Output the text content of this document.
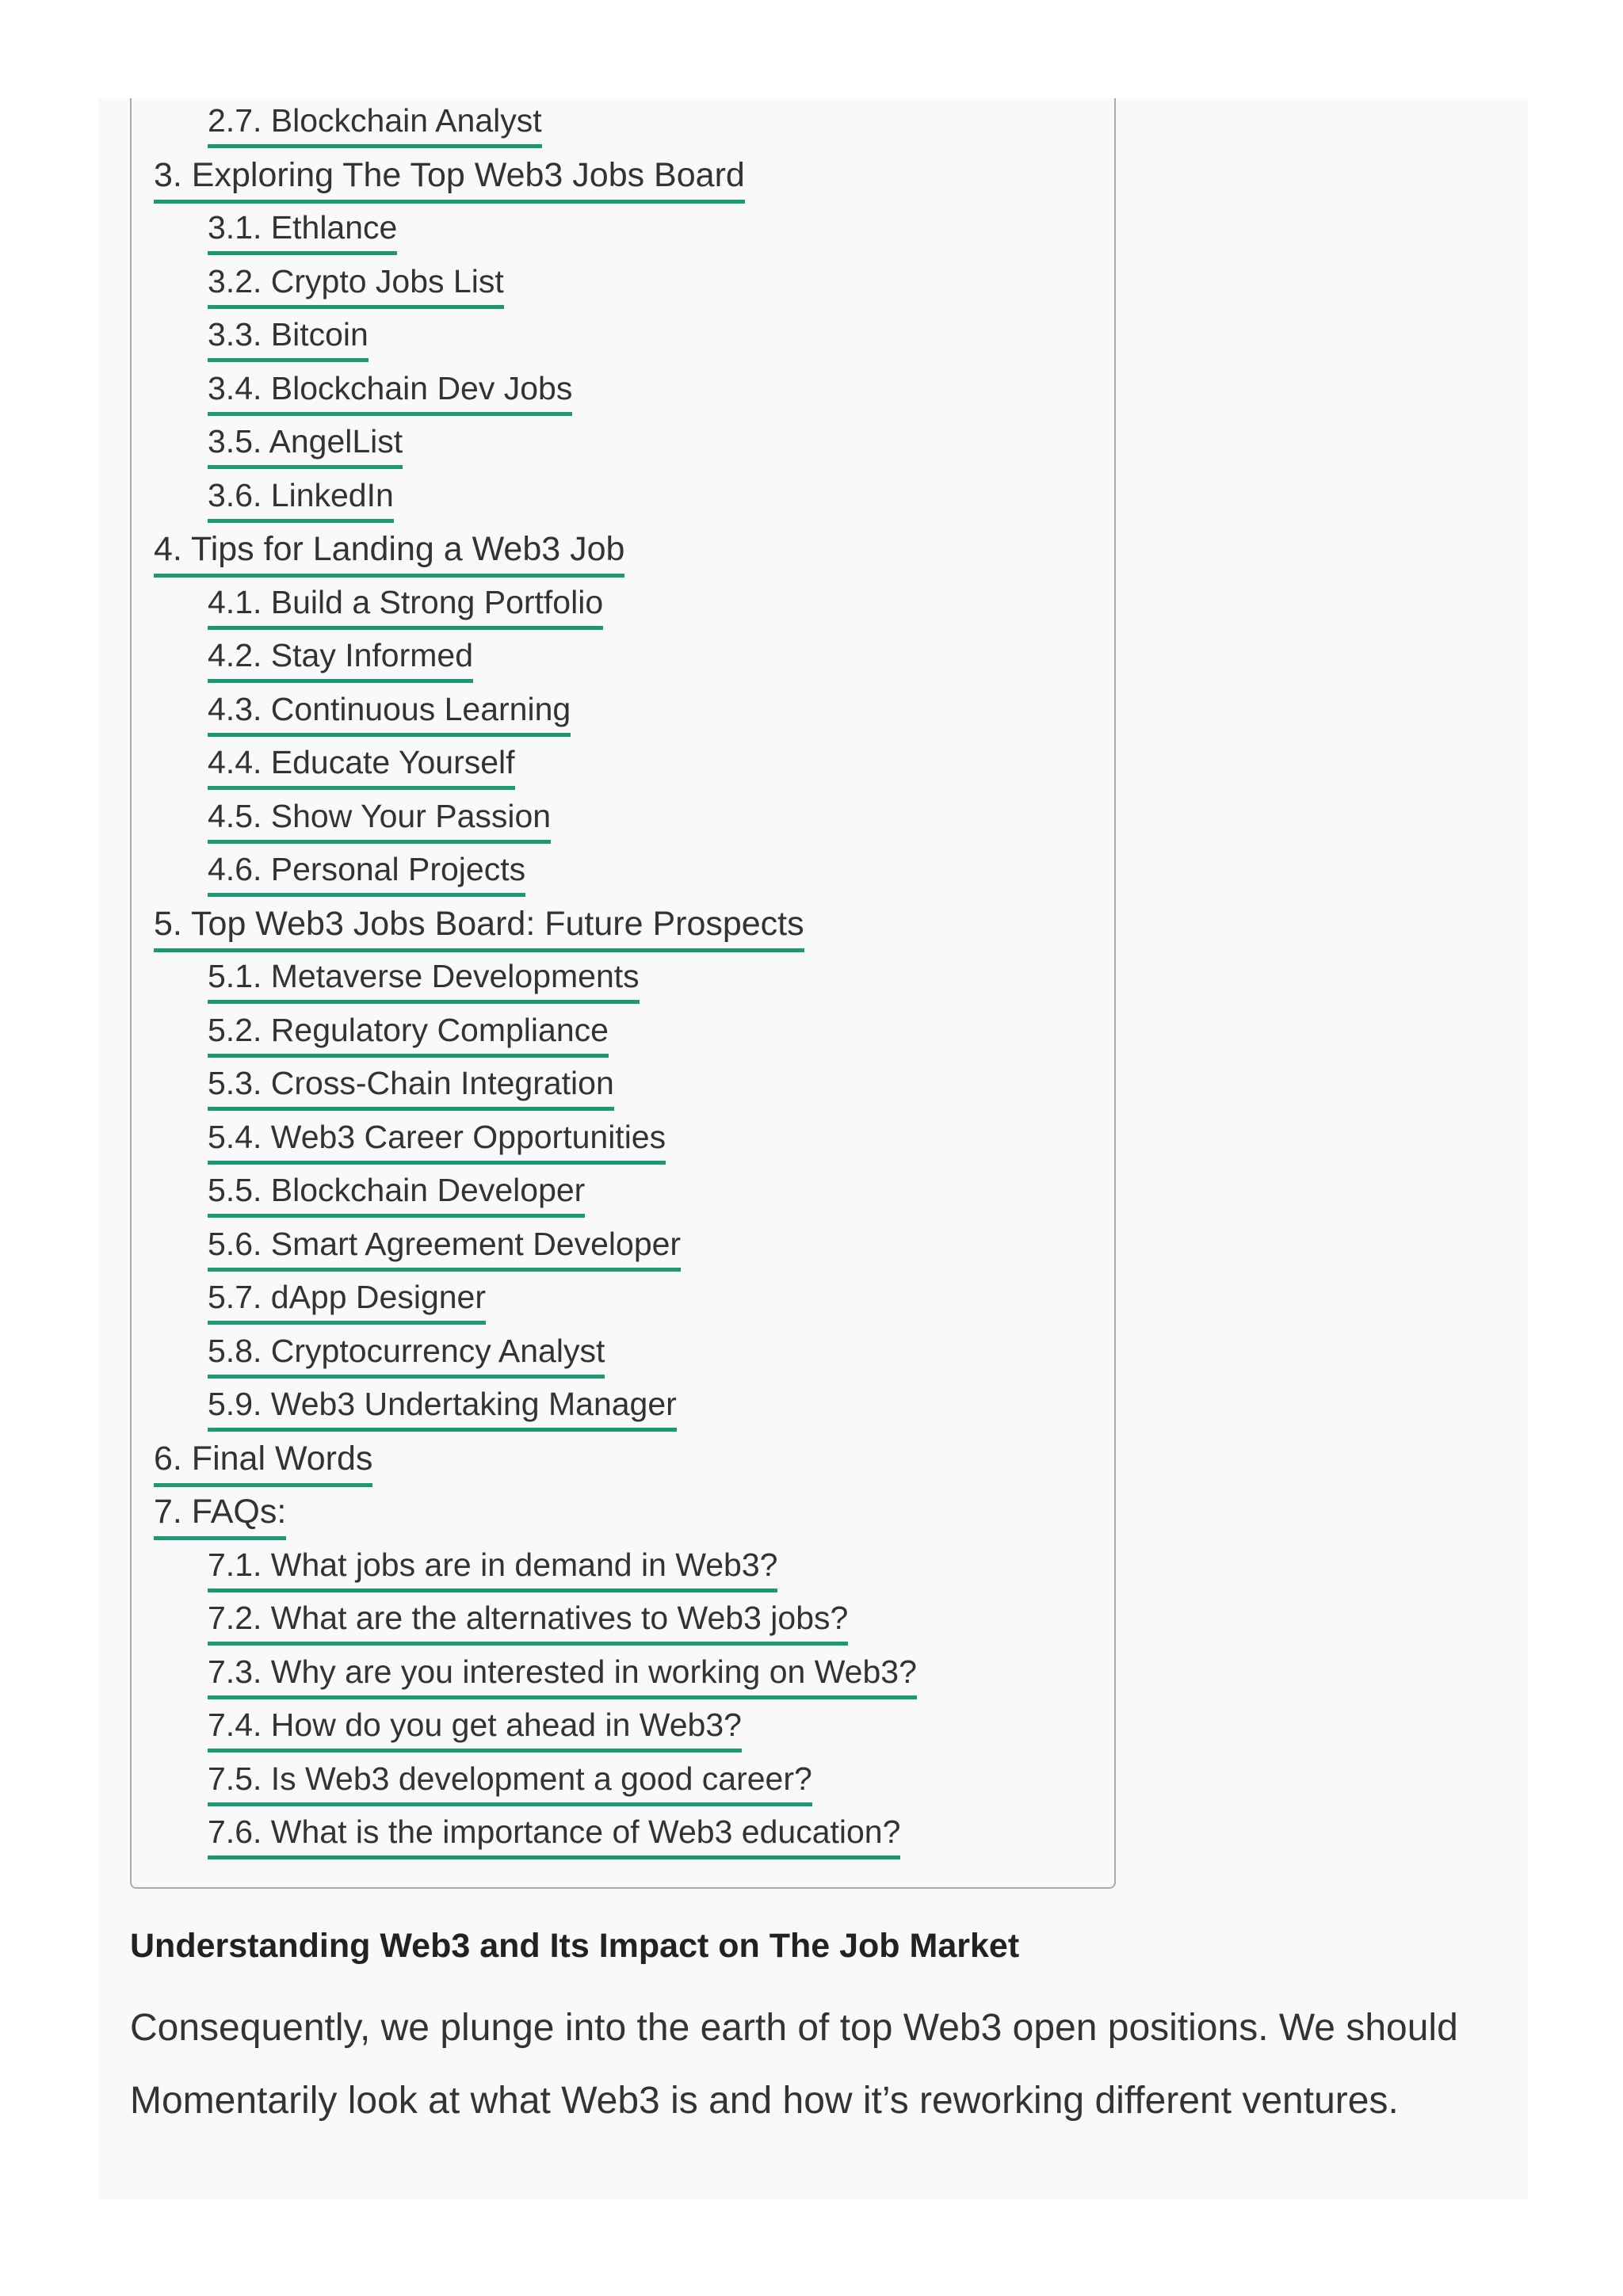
2.7. Blockchain Analyst
3. Exploring The Top Web3 Jobs Board
3.1. Ethlance
3.2. Crypto Jobs List
3.3. Bitcoin
3.4. Blockchain Dev Jobs
3.5. AngelList
3.6. LinkedIn
4. Tips for Landing a Web3 Job
4.1. Build a Strong Portfolio
4.2. Stay Informed
4.3. Continuous Learning
4.4. Educate Yourself
4.5. Show Your Passion
4.6. Personal Projects
5. Top Web3 Jobs Board: Future Prospects
5.1. Metaverse Developments
5.2. Regulatory Compliance
5.3. Cross-Chain Integration
5.4. Web3 Career Opportunities
5.5. Blockchain Developer
5.6. Smart Agreement Developer
5.7. dApp Designer
5.8. Cryptocurrency Analyst
5.9. Web3 Undertaking Manager
6. Final Words
7. FAQs:
7.1. What jobs are in demand in Web3?
7.2. What are the alternatives to Web3 jobs?
7.3. Why are you interested in working on Web3?
7.4. How do you get ahead in Web3?
7.5. Is Web3 development a good career?
7.6. What is the importance of Web3 education?
Understanding Web3 and Its Impact on The Job Market

Consequently, we plunge into the earth of top Web3 open positions. We should Momentarily look at what Web3 is and how it’s reworking different ventures.
